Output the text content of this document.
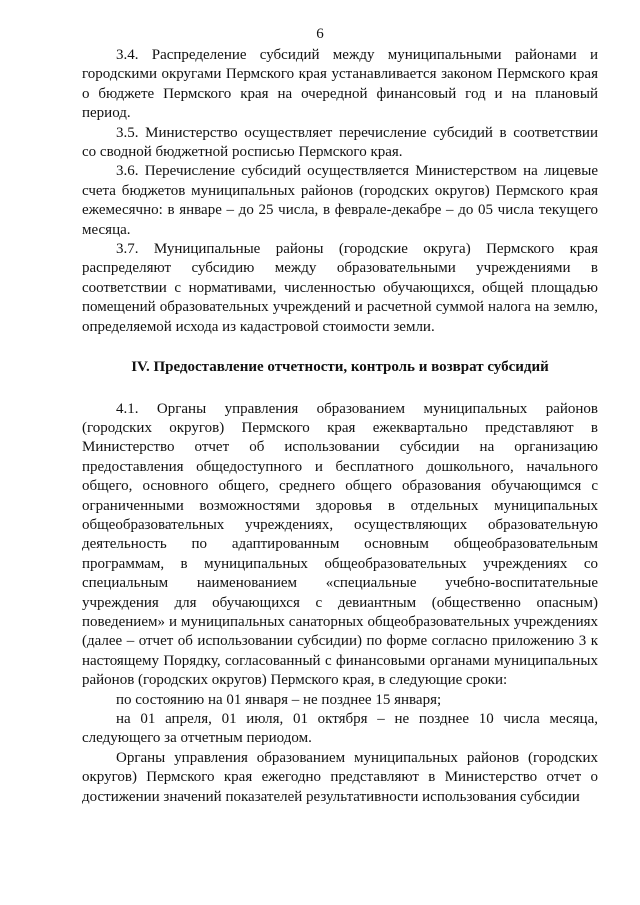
6

3.4. Распределение субсидий между муниципальными районами и городскими округами Пермского края устанавливается законом Пермского края о бюджете Пермского края на очередной финансовый год и на плановый период.

3.5. Министерство осуществляет перечисление субсидий в соответствии со сводной бюджетной росписью Пермского края.

3.6. Перечисление субсидий осуществляется Министерством на лицевые счета бюджетов муниципальных районов (городских округов) Пермского края ежемесячно: в январе – до 25 числа, в феврале-декабре – до 05 числа текущего месяца.

3.7. Муниципальные районы (городские округа) Пермского края распределяют субсидию между образовательными учреждениями в соответствии с нормативами, численностью обучающихся, общей площадью помещений образовательных учреждений и расчетной суммой налога на землю, определяемой исхода из кадастровой стоимости земли.

IV. Предоставление отчетности, контроль и возврат субсидий

4.1. Органы управления образованием муниципальных районов (городских округов) Пермского края ежеквартально представляют в Министерство отчет об использовании субсидии на организацию предоставления общедоступного и бесплатного дошкольного, начального общего, основного общего, среднего общего образования обучающимся с ограниченными возможностями здоровья в отдельных муниципальных общеобразовательных учреждениях, осуществляющих образовательную деятельность по адаптированным основным общеобразовательным программам, в муниципальных общеобразовательных учреждениях со специальным наименованием «специальные учебно-воспитательные учреждения для обучающихся с девиантным (общественно опасным) поведением» и муниципальных санаторных общеобразовательных учреждениях (далее – отчет об использовании субсидии) по форме согласно приложению 3 к настоящему Порядку, согласованный с финансовыми органами муниципальных районов (городских округов) Пермского края, в следующие сроки:

по состоянию на 01 января – не позднее 15 января;

на 01 апреля, 01 июля, 01 октября – не позднее 10 числа месяца, следующего за отчетным периодом.

Органы управления образованием муниципальных районов (городских округов) Пермского края ежегодно представляют в Министерство отчет о достижении значений показателей результативности использования субсидии
